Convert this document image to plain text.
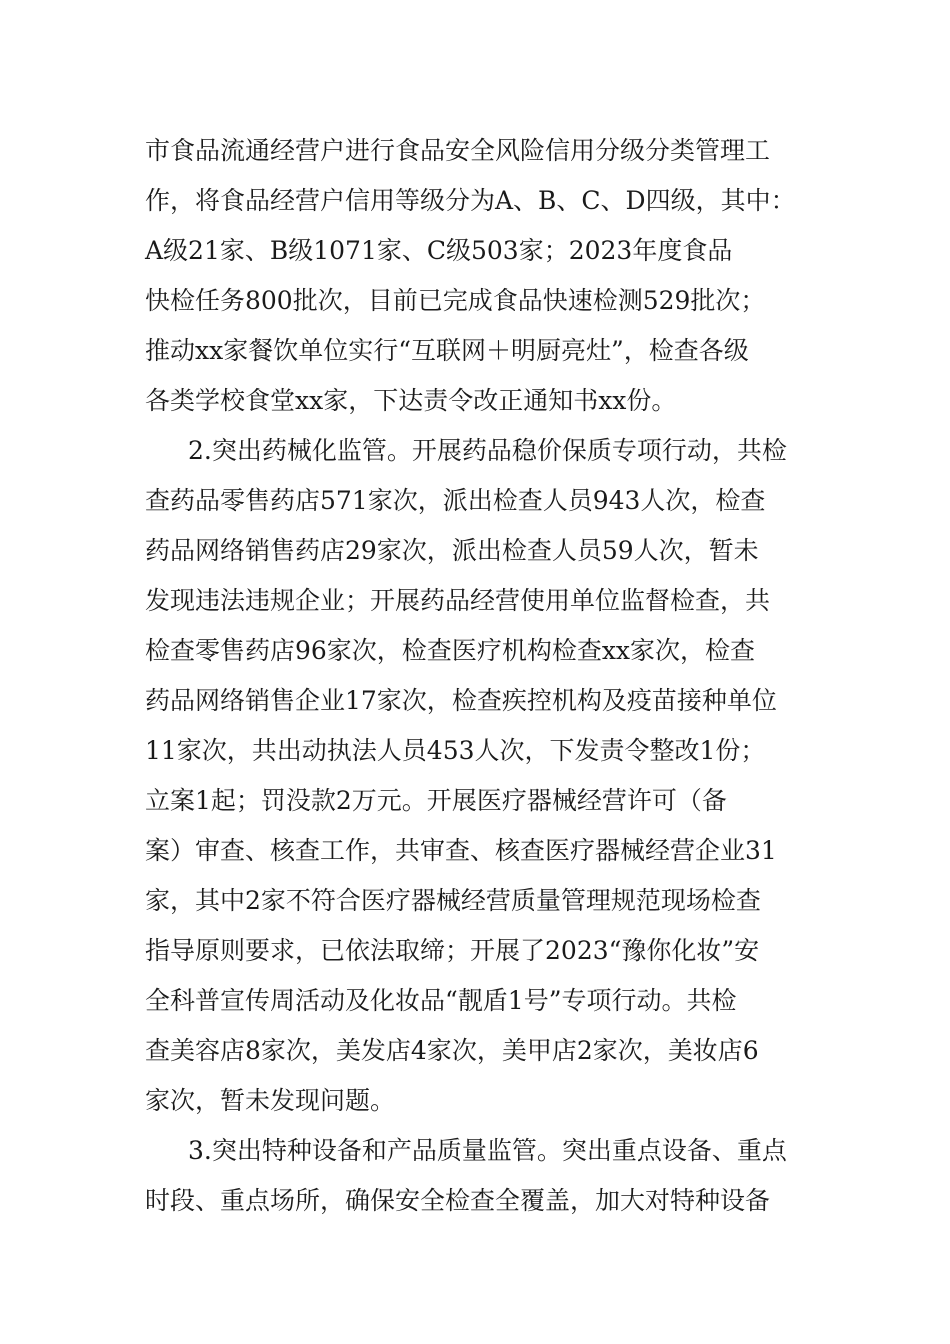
市食品流通经营户进行食品安全风险信用分级分类管理工
作，将食品经营户信用等级分为A、B、C、D四级，其中：
A级21家、B级1071家、C级503家；2023年度食品
快检任务800批次，目前已完成食品快速检测529批次；
推动xx家餐饮单位实行“互联网＋明厨亮灶”，检查各级
各类学校食堂xx家，下达责令改正通知书xx份。
2.突出药械化监管。开展药品稳价保质专项行动，共检
查药品零售药店571家次，派出检查人员943人次，检查
药品网络销售药店29家次，派出检查人员59人次，暂未
发现违法违规企业；开展药品经营使用单位监督检查，共
检查零售药店96家次，检查医疗机构检查xx家次，检查
药品网络销售企业17家次，检查疾控机构及疫苗接种单位
11家次，共出动执法人员453人次，下发责令整改1份；
立案1起；罚没款2万元。开展医疗器械经营许可（备
案）审查、核查工作，共审查、核查医疗器械经营企业31
家，其中2家不符合医疗器械经营质量管理规范现场检查
指导原则要求，已依法取缔；开展了2023“豫你化妆”安
全科普宣传周活动及化妆品“靓盾1号”专项行动。共检
查美容店8家次，美发店4家次，美甲店2家次，美妆店6
家次，暂未发现问题。
3.突出特种设备和产品质量监管。突出重点设备、重点
时段、重点场所，确保安全检查全覆盖，加大对特种设备
